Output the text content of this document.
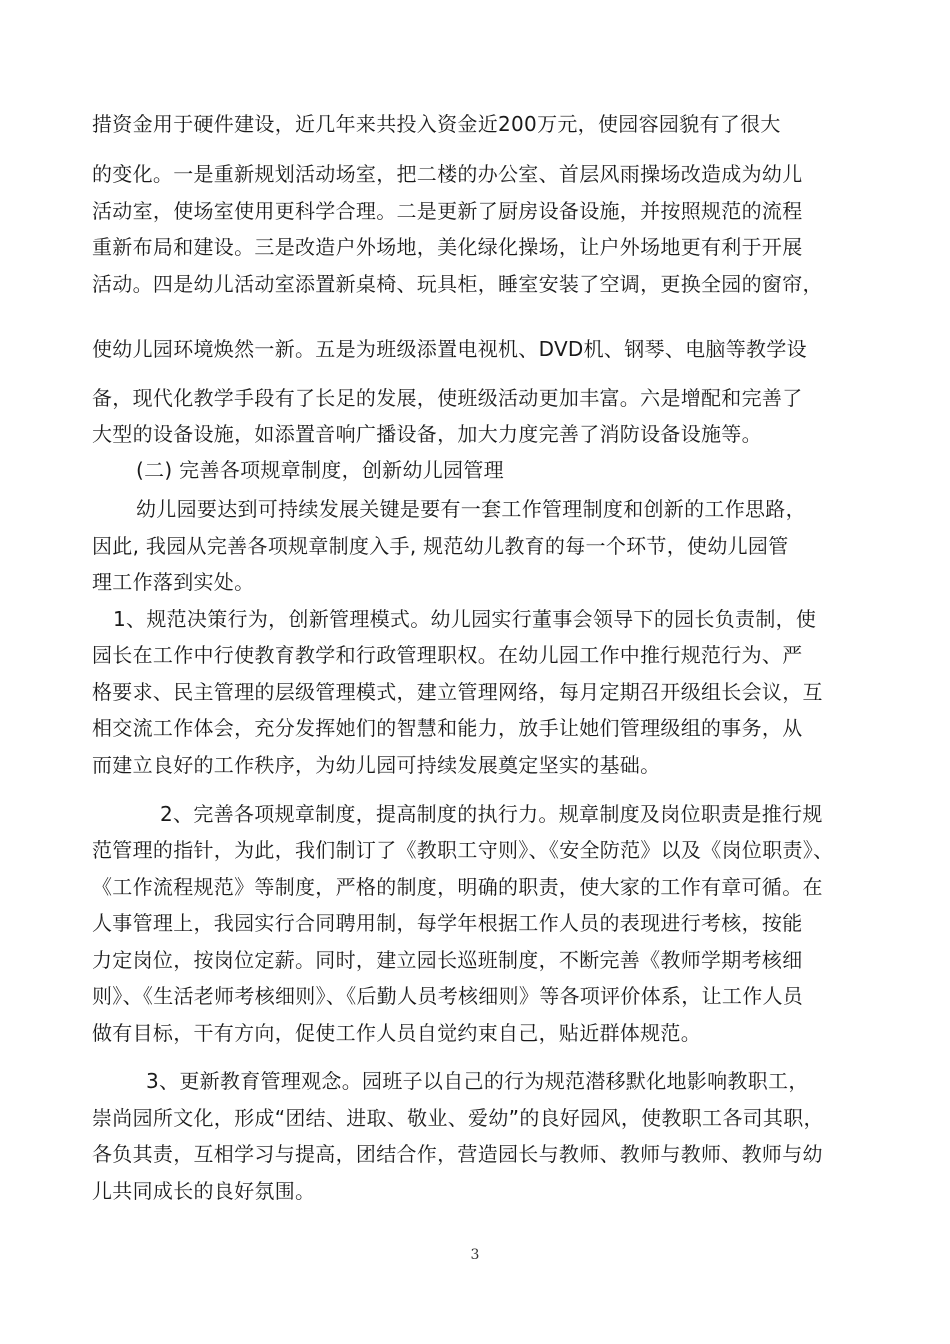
措资金用于硬件建设，近几年来共投入资金近200万元，使园容园貌有了很大
的变化。一是重新规划活动场室，把二楼的办公室、首层风雨操场改造成为幼儿
活动室，使场室使用更科学合理。二是更新了厨房设备设施，并按照规范的流程
重新布局和建设。三是改造户外场地，美化绿化操场，让户外场地更有利于开展
活动。四是幼儿活动室添置新桌椅、玩具柜，睡室安装了空调，更换全园的窗帘，
使幼儿园环境焕然一新。五是为班级添置电视机、DVD机、钢琴、电脑等教学设
备，现代化教学手段有了长足的发展，使班级活动更加丰富。六是增配和完善了
大型的设备设施，如添置音响广播设备，加大力度完善了消防设备设施等。
(二) 完善各项规章制度，创新幼儿园管理
幼儿园要达到可持续发展关键是要有一套工作管理制度和创新的工作思路，
因此, 我园从完善各项规章制度入手, 规范幼儿教育的每一个环节，使幼儿园管
理工作落到实处。
1、规范决策行为，创新管理模式。幼儿园实行董事会领导下的园长负责制，使
园长在工作中行使教育教学和行政管理职权。在幼儿园工作中推行规范行为、严
格要求、民主管理的层级管理模式，建立管理网络，每月定期召开级组长会议，互
相交流工作体会，充分发挥她们的智慧和能力，放手让她们管理级组的事务，从
而建立良好的工作秩序，为幼儿园可持续发展奠定坚实的基础。
2、完善各项规章制度，提高制度的执行力。规章制度及岗位职责是推行规
范管理的指针，为此，我们制订了《教职工守则》、《安全防范》以及《岗位职责》、
《工作流程规范》等制度，严格的制度，明确的职责，使大家的工作有章可循。在
人事管理上，我园实行合同聘用制，每学年根据工作人员的表现进行考核，按能
力定岗位，按岗位定薪。同时，建立园长巡班制度，不断完善《教师学期考核细
则》、《生活老师考核细则》、《后勤人员考核细则》等各项评价体系，让工作人员
做有目标，干有方向，促使工作人员自觉约束自己，贴近群体规范。
3、更新教育管理观念。园班子以自己的行为规范潜移默化地影响教职工，
崇尚园所文化，形成“团结、进取、敬业、爱幼”的良好园风，使教职工各司其职，
各负其责，互相学习与提高，团结合作，营造园长与教师、教师与教师、教师与幼
儿共同成长的良好氛围。
3
